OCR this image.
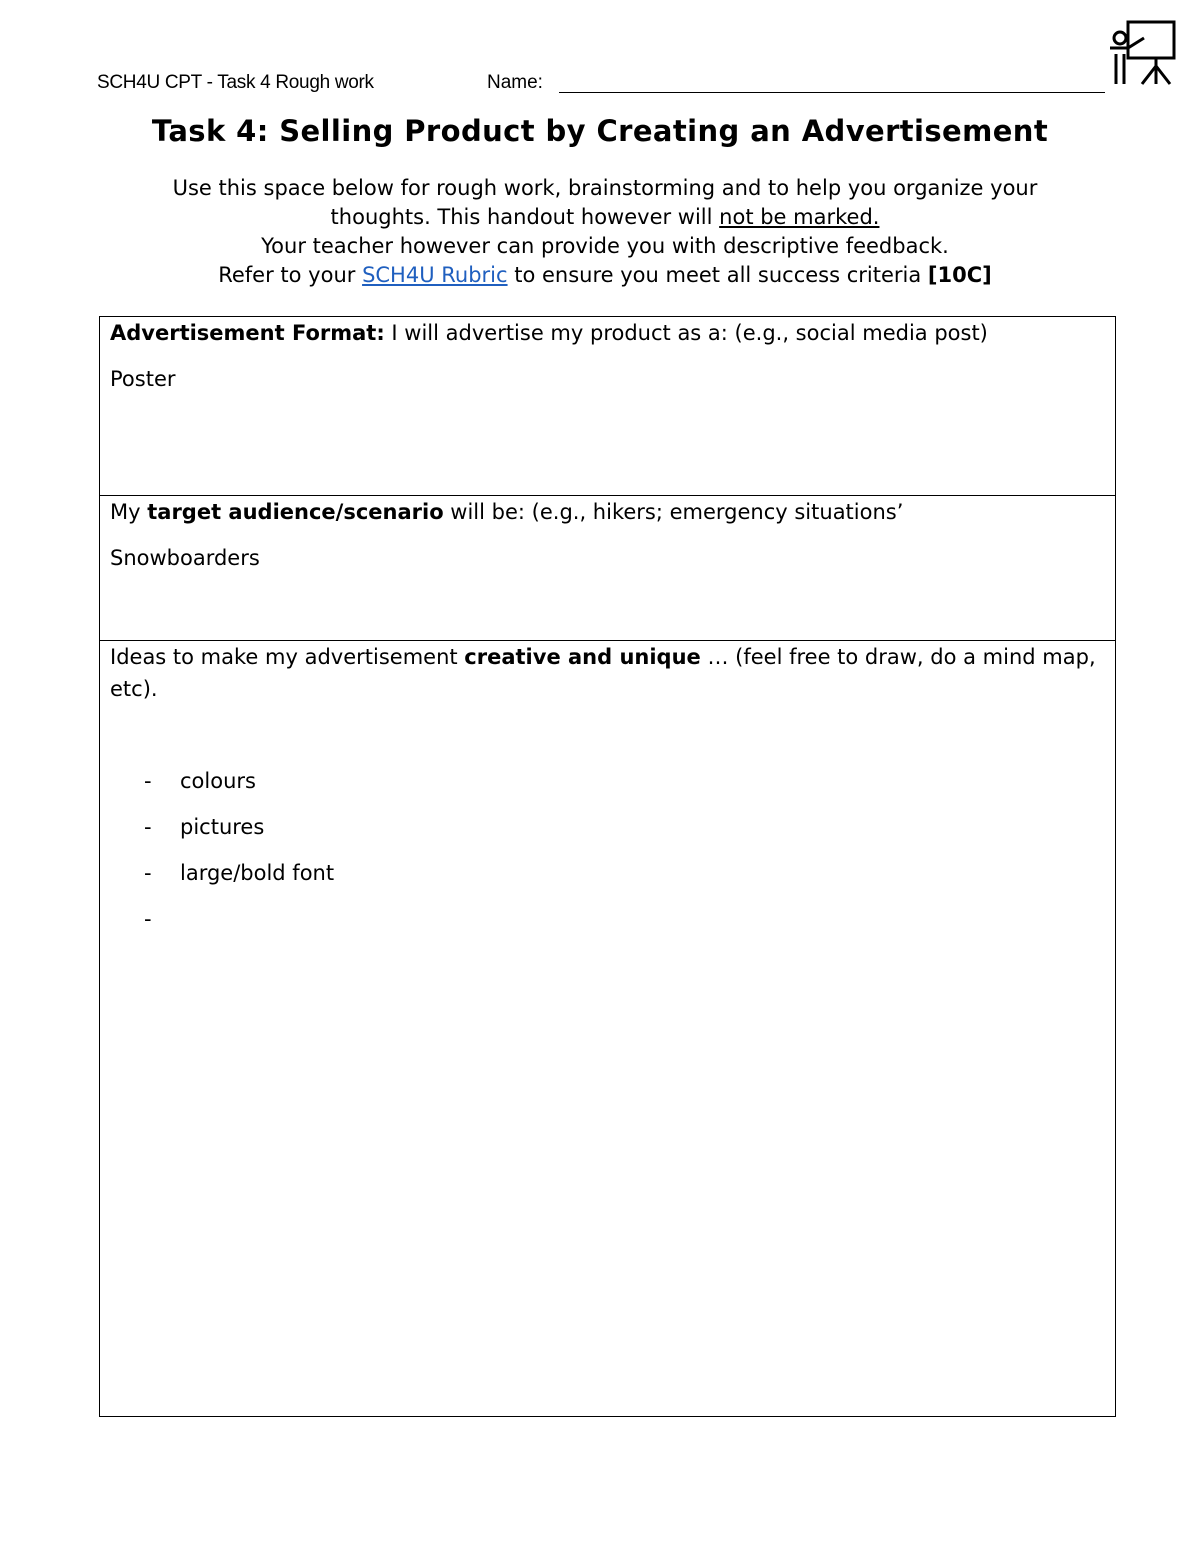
SCH4U CPT - Task 4 Rough work	Name:
Task 4: Selling Product by Creating an Advertisement
Use this space below for rough work, brainstorming and to help you organize your
thoughts. This handout however will not be marked.
Your teacher however can provide you with descriptive feedback.
Refer to your SCH4U Rubric to ensure you meet all success criteria [10C]

Advertisement Format: I will advertise my product as a: (e.g., social media post)

Poster

My target audience/scenario will be: (e.g., hikers; emergency situations’

Snowboarders

Ideas to make my advertisement creative and unique … (feel free to draw, do a mind map, etc).

- colours
- pictures
- large/bold font
-
